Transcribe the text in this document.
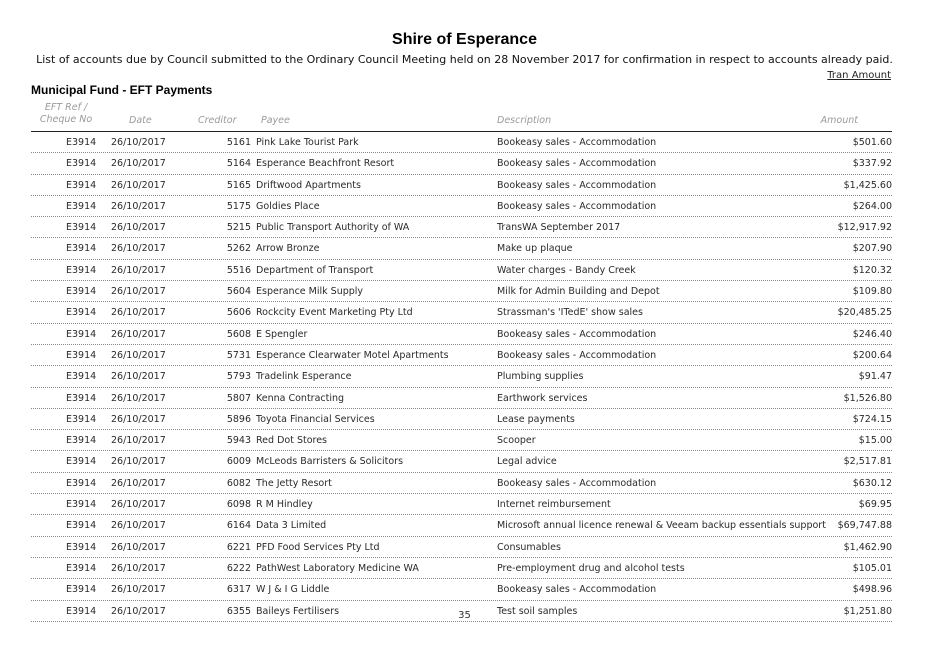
Shire of Esperance
List of accounts due by Council submitted to the Ordinary Council Meeting held on 28 November 2017 for confirmation in respect to accounts already paid.
Tran Amount
Municipal Fund - EFT Payments
EFT Ref /
Cheque No	Date	Creditor	Payee	Description	Amount
E3914 26/10/2017	5161 Pink Lake Tourist Park	Bookeasy sales - Accommodation	$501.60
E3914 26/10/2017	5164 Esperance Beachfront Resort	Bookeasy sales - Accommodation	$337.92
E3914 26/10/2017	5165 Driftwood Apartments	Bookeasy sales - Accommodation	$1,425.60
E3914 26/10/2017	5175 Goldies Place	Bookeasy sales - Accommodation	$264.00
E3914 26/10/2017	5215 Public Transport Authority of WA	TransWA September 2017	$12,917.92
E3914 26/10/2017	5262 Arrow Bronze	Make up plaque	$207.90
E3914 26/10/2017	5516 Department of Transport	Water charges - Bandy Creek	$120.32
E3914 26/10/2017	5604 Esperance Milk Supply	Milk for Admin Building and Depot	$109.80
E3914 26/10/2017	5606 Rockcity Event Marketing Pty Ltd	Strassman's 'ITedE' show sales	$20,485.25
E3914 26/10/2017	5608 E Spengler	Bookeasy sales - Accommodation	$246.40
E3914 26/10/2017	5731 Esperance Clearwater Motel Apartments	Bookeasy sales - Accommodation	$200.64
E3914 26/10/2017	5793 Tradelink Esperance	Plumbing supplies	$91.47
E3914 26/10/2017	5807 Kenna Contracting	Earthwork services	$1,526.80
E3914 26/10/2017	5896 Toyota Financial Services	Lease payments	$724.15
E3914 26/10/2017	5943 Red Dot Stores	Scooper	$15.00
E3914 26/10/2017	6009 McLeods Barristers & Solicitors	Legal advice	$2,517.81
E3914 26/10/2017	6082 The Jetty Resort	Bookeasy sales - Accommodation	$630.12
E3914 26/10/2017	6098 R M Hindley	Internet reimbursement	$69.95
E3914 26/10/2017	6164 Data 3 Limited	Microsoft annual licence renewal & Veeam backup essentials support $69,747.88
E3914 26/10/2017	6221 PFD Food Services Pty Ltd	Consumables	$1,462.90
E3914 26/10/2017	6222 PathWest Laboratory Medicine WA	Pre-employment drug and alcohol tests	$105.01
E3914 26/10/2017	6317 W J & I G Liddle	Bookeasy sales - Accommodation	$498.96
E3914 26/10/2017	6355 Baileys Fertilisers	Test soil samples	$1,251.80
35
